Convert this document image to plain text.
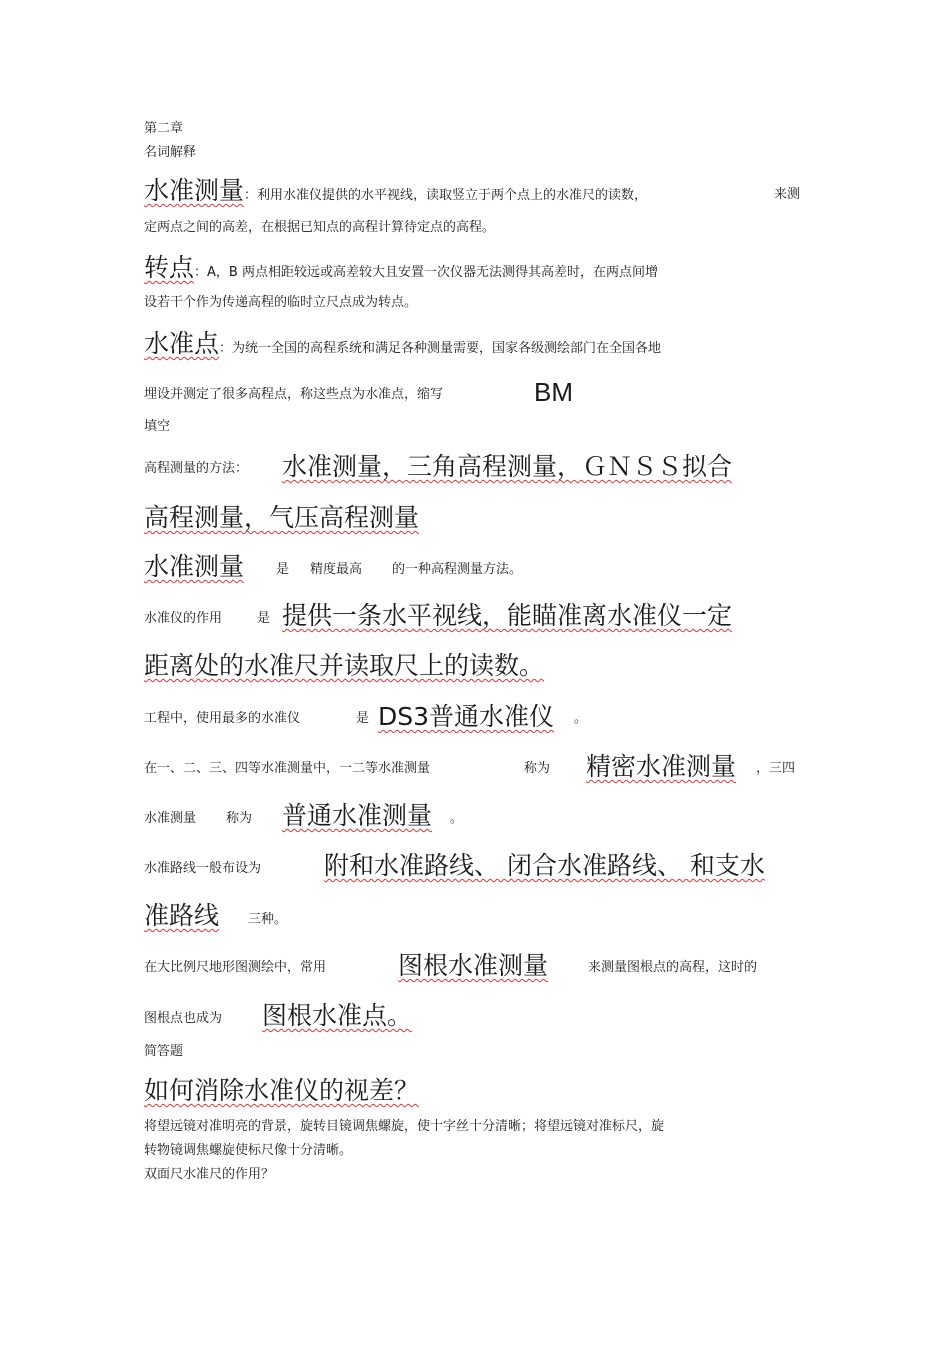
第二章
名词解释
水准测量：利用水准仪提供的水平视线，读取竖立于两个点上的水准尺的读数，	来测
定两点之间的高差，在根据已知点的高程计算待定点的高程。
转点：A，B 两点相距较远或高差较大且安置一次仪器无法测得其高差时，在两点间增
设若干个作为传递高程的临时立尺点成为转点。
水准点：为统一全国的高程系统和满足各种测量需要，国家各级测绘部门在全国各地
埋设并测定了很多高程点，称这些点为水准点，缩写	BM
填空
高程测量的方法： 水准测量，三角高程测量，ＧＮＳＳ拟合
高程测量，气压高程测量
水准测量 是 精度最高 的一种高程测量方法。
水准仪的作用	是 提供一条水平视线，能瞄准离水准仪一定
距离处的水准尺并读取尺上的读数。
工程中，使用最多的水准仪	是 DS3普通水准仪 。
在一、二、三、四等水准测量中，一二等水准测量	称为 精密水准测量 ，三四
水准测量 称为 普通水准测量 。
水准路线一般布设为	附和水准路线、 闭合水准路线、 和支水
准路线 三种。
在大比例尺地形图测绘中，常用	图根水准测量	来测量图根点的高程，这时的
图根点也成为 图根水准点。
简答题
如何消除水准仪的视差？
将望远镜对准明亮的背景，旋转目镜调焦螺旋，使十字丝十分清晰；将望远镜对准标尺，旋
转物镜调焦螺旋使标尺像十分清晰。
双面尺水准尺的作用？
